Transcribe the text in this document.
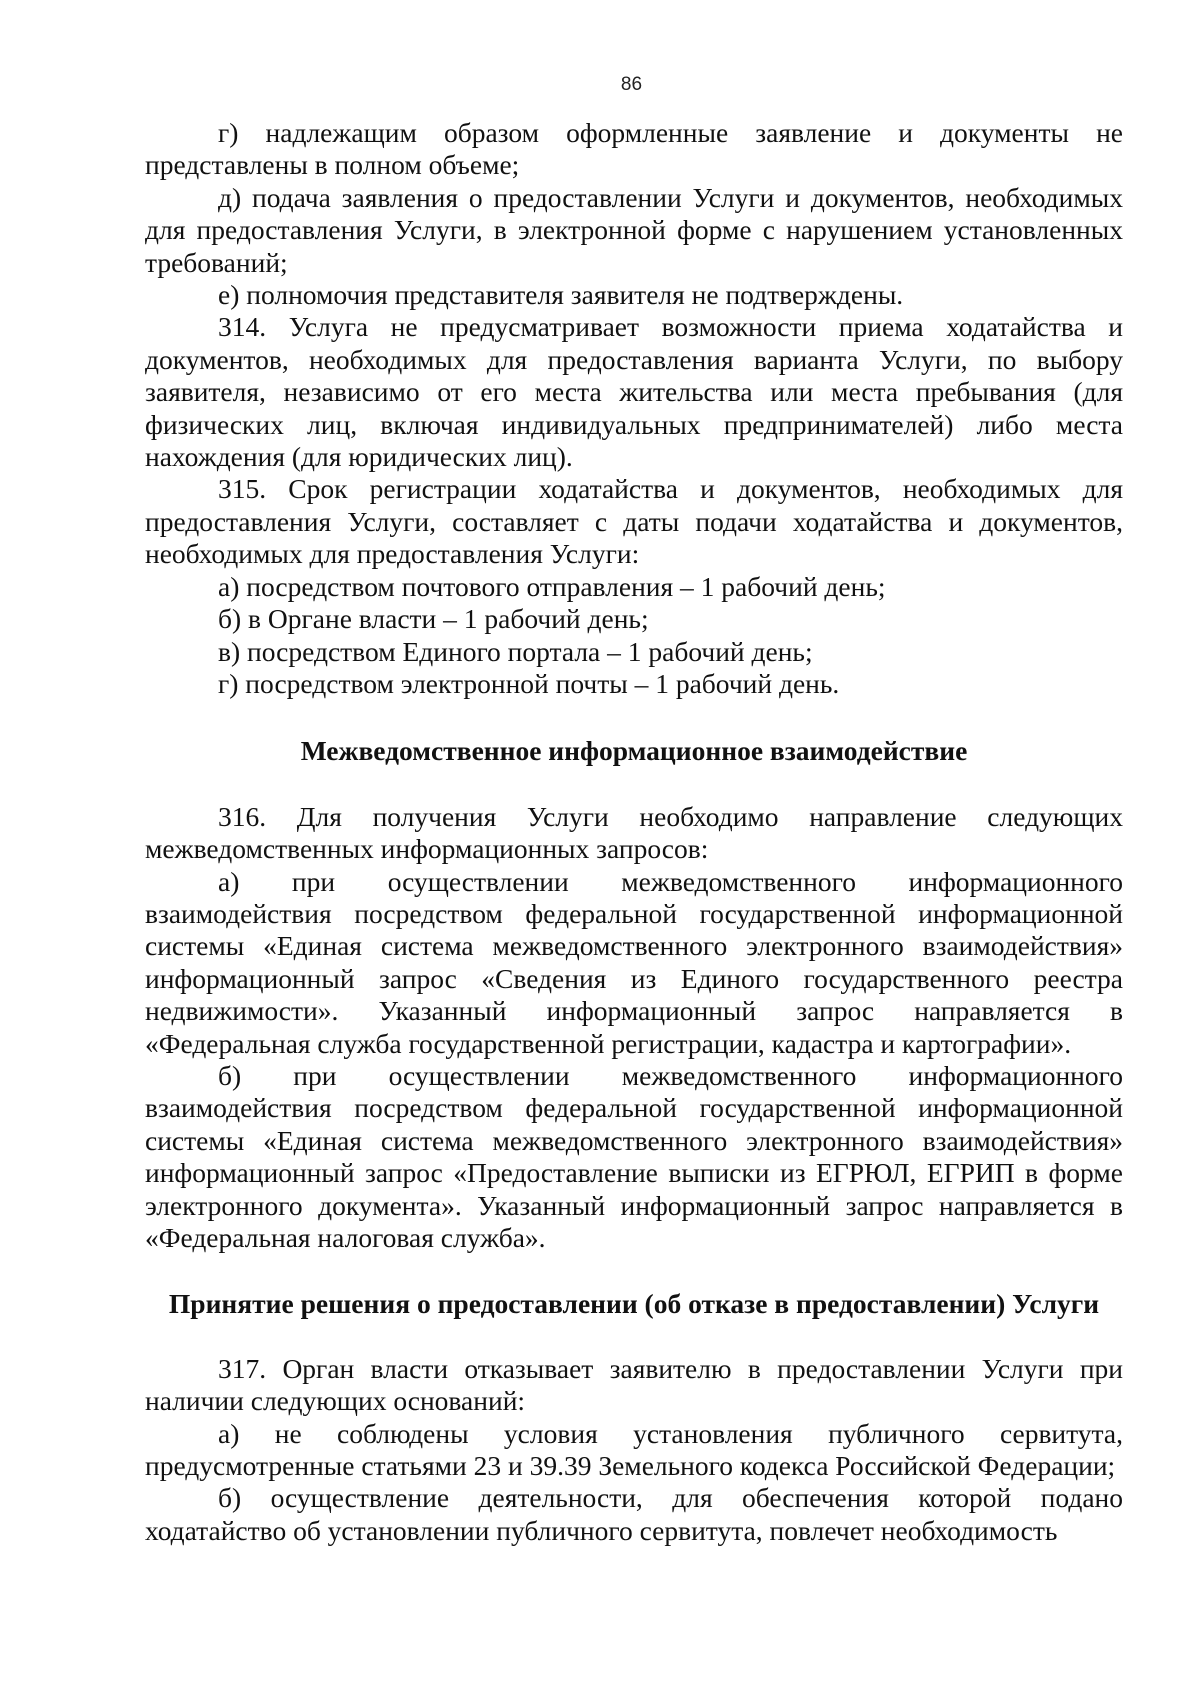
86

г) надлежащим образом оформленные заявление и документы не представлены в полном объеме;

д) подача заявления о предоставлении Услуги и документов, необходимых для предоставления Услуги, в электронной форме с нарушением установленных требований;

е) полномочия представителя заявителя не подтверждены.

314. Услуга не предусматривает возможности приема ходатайства и документов, необходимых для предоставления варианта Услуги, по выбору заявителя, независимо от его места жительства или места пребывания (для физических лиц, включая индивидуальных предпринимателей) либо места нахождения (для юридических лиц).

315. Срок регистрации ходатайства и документов, необходимых для предоставления Услуги, составляет с даты подачи ходатайства и документов, необходимых для предоставления Услуги:

а) посредством почтового отправления – 1 рабочий день;

б) в Органе власти – 1 рабочий день;

в) посредством Единого портала – 1 рабочий день;

г) посредством электронной почты – 1 рабочий день.

Межведомственное информационное взаимодействие

316. Для получения Услуги необходимо направление следующих межведомственных информационных запросов:

а) при осуществлении межведомственного информационного взаимодействия посредством федеральной государственной информационной системы «Единая система межведомственного электронного взаимодействия» информационный запрос «Сведения из Единого государственного реестра недвижимости». Указанный информационный запрос направляется в «Федеральная служба государственной регистрации, кадастра и картографии».

б) при осуществлении межведомственного информационного взаимодействия посредством федеральной государственной информационной системы «Единая система межведомственного электронного взаимодействия» информационный запрос «Предоставление выписки из ЕГРЮЛ, ЕГРИП в форме электронного документа». Указанный информационный запрос направляется в «Федеральная налоговая служба».

Принятие решения о предоставлении (об отказе в предоставлении) Услуги

317. Орган власти отказывает заявителю в предоставлении Услуги при наличии следующих оснований:

а) не соблюдены условия установления публичного сервитута, предусмотренные статьями 23 и 39.39 Земельного кодекса Российской Федерации;

б) осуществление деятельности, для обеспечения которой подано ходатайство об установлении публичного сервитута, повлечет необходимость
